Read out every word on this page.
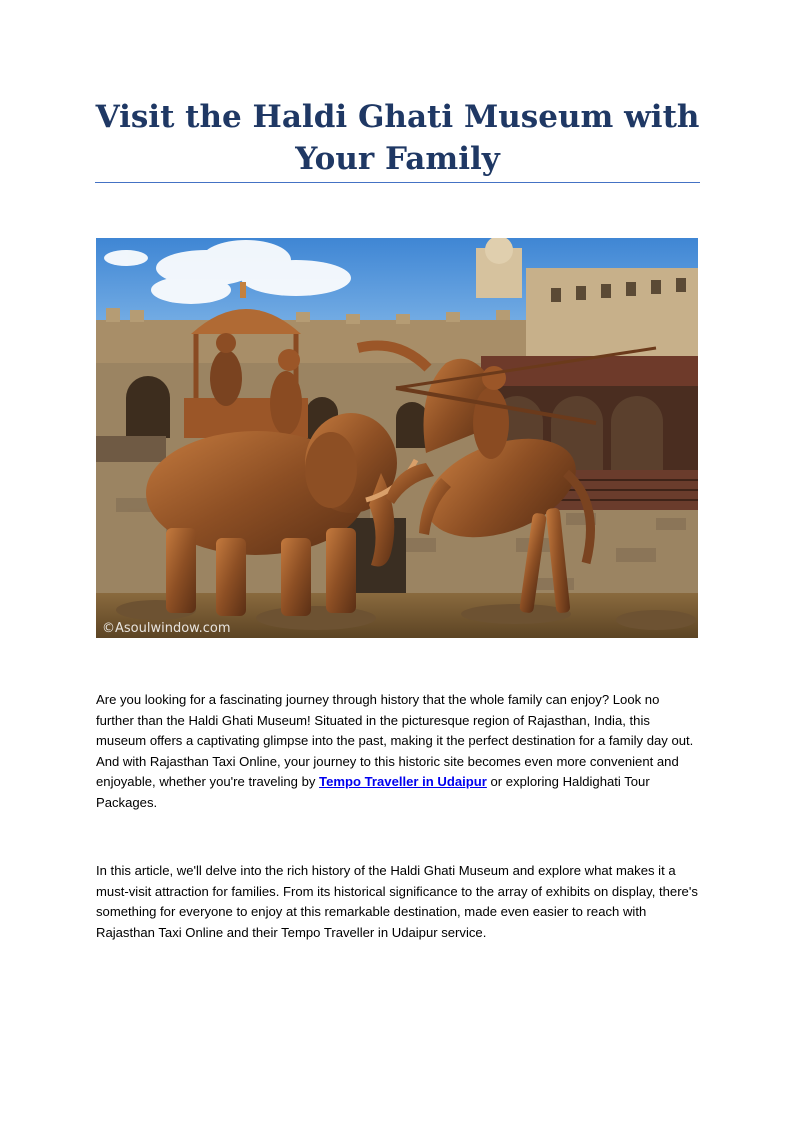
Visit the Haldi Ghati Museum with
Your Family
©Asoulwindow.com

Are you looking for a fascinating journey through history that the whole family can enjoy? Look no further than the Haldi Ghati Museum! Situated in the picturesque region of Rajasthan, India, this museum offers a captivating glimpse into the past, making it the perfect destination for a family day out. And with Rajasthan Taxi Online, your journey to this historic site becomes even more convenient and enjoyable, whether you're traveling by Tempo Traveller in Udaipur or exploring Haldighati Tour Packages.

In this article, we'll delve into the rich history of the Haldi Ghati Museum and explore what makes it a must-visit attraction for families. From its historical significance to the array of exhibits on display, there's something for everyone to enjoy at this remarkable destination, made even easier to reach with Rajasthan Taxi Online and their Tempo Traveller in Udaipur service.
